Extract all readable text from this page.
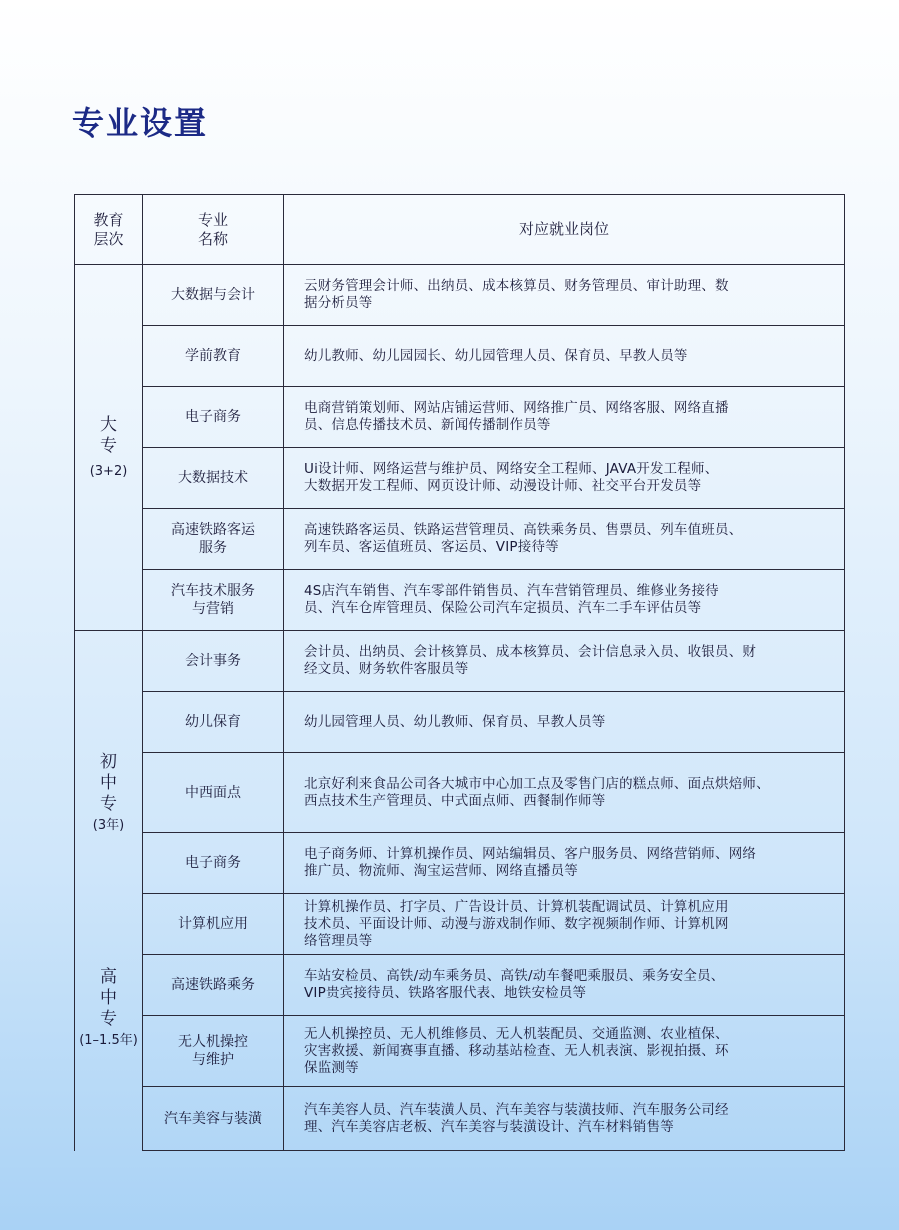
专业设置
教育
层次	专业
名称	对应就业岗位

大
专
(3+2)	大数据与会计	云财务管理会计师、出纳员、成本核算员、财务管理员、审计助理、数
据分析员等

	学前教育	幼儿教师、幼儿园园长、幼儿园管理人员、保育员、早教人员等

	电子商务	电商营销策划师、网站店铺运营师、网络推广员、网络客服、网络直播
员、信息传播技术员、新闻传播制作员等

	大数据技术	Ui设计师、网络运营与维护员、网络安全工程师、JAVA开发工程师、
大数据开发工程师、网页设计师、动漫设计师、社交平台开发员等

	高速铁路客运
服务	高速铁路客运员、铁路运营管理员、高铁乘务员、售票员、列车值班员、
列车员、客运值班员、客运员、VIP接待等

	汽车技术服务
与营销	4S店汽车销售、汽车零部件销售员、汽车营销管理员、维修业务接待
员、汽车仓库管理员、保险公司汽车定损员、汽车二手车评估员等

初
中
专
(3年)	会计事务	会计员、出纳员、会计核算员、成本核算员、会计信息录入员、收银员、财
经文员、财务软件客服员等

	幼儿保育	幼儿园管理人员、幼儿教师、保育员、早教人员等

	中西面点	北京好利来食品公司各大城市中心加工点及零售门店的糕点师、面点烘焙师、
西点技术生产管理员、中式面点师、西餐制作师等

	电子商务	电子商务师、计算机操作员、网站编辑员、客户服务员、网络营销师、网络
推广员、物流师、淘宝运营师、网络直播员等

	计算机应用	计算机操作员、打字员、广告设计员、计算机装配调试员、计算机应用
技术员、平面设计师、动漫与游戏制作师、数字视频制作师、计算机网
络管理员等

高
中
专
(1–1.5年)	高速铁路乘务	车站安检员、高铁/动车乘务员、高铁/动车餐吧乘服员、乘务安全员、
VIP贵宾接待员、铁路客服代表、地铁安检员等

	无人机操控
与维护	无人机操控员、无人机维修员、无人机装配员、交通监测、农业植保、
灾害救援、新闻赛事直播、移动基站检查、无人机表演、影视拍摄、环
保监测等

	汽车美容与装潢	汽车美容人员、汽车装潢人员、汽车美容与装潢技师、汽车服务公司经
理、汽车美容店老板、汽车美容与装潢设计、汽车材料销售等
